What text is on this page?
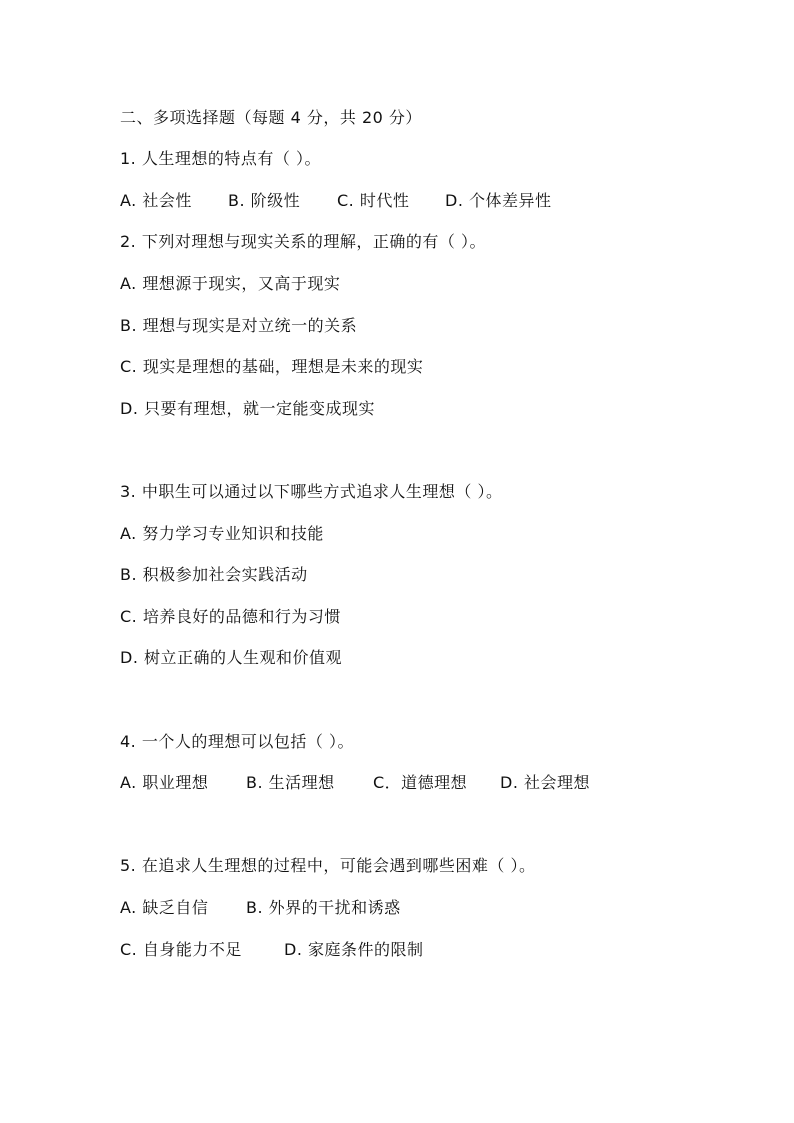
二、多项选择题（每题 4 分，共 20 分）
1. 人生理想的特点有（ ）。
A. 社会性 B. 阶级性 C. 时代性 D. 个体差异性
2. 下列对理想与现实关系的理解，正确的有（ ）。
A. 理想源于现实，又高于现实
B. 理想与现实是对立统一的关系
C. 现实是理想的基础，理想是未来的现实
D. 只要有理想，就一定能变成现实
3. 中职生可以通过以下哪些方式追求人生理想（ ）。
A. 努力学习专业知识和技能
B. 积极参加社会实践活动
C. 培养良好的品德和行为习惯
D. 树立正确的人生观和价值观
4. 一个人的理想可以包括（ ）。
A. 职业理想 B. 生活理想 C．道德理想 D. 社会理想
5. 在追求人生理想的过程中，可能会遇到哪些困难（ ）。
A. 缺乏自信 B. 外界的干扰和诱惑
C. 自身能力不足	D. 家庭条件的限制
